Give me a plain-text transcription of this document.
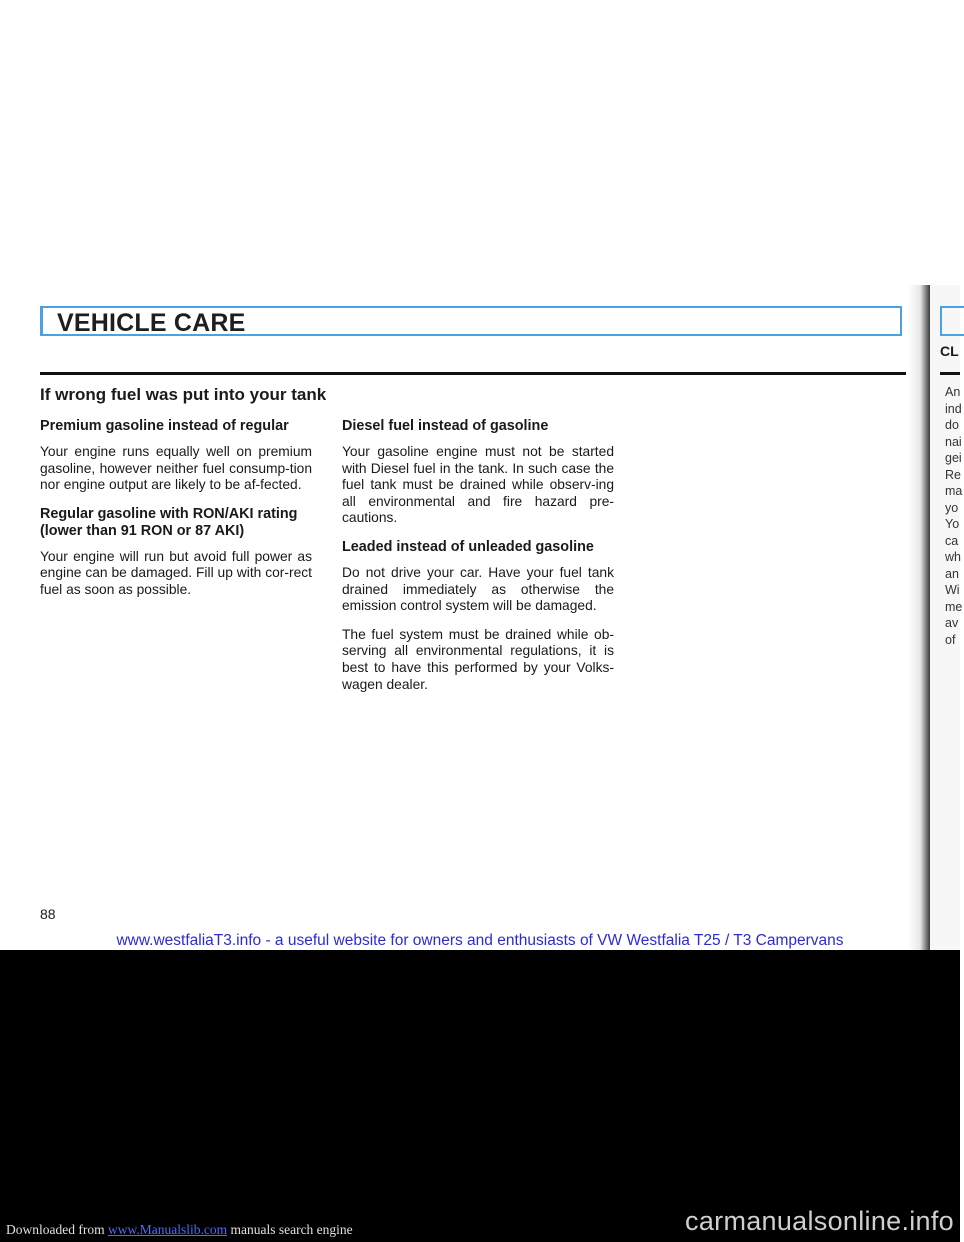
VEHICLE CARE
If wrong fuel was put into your tank
Premium gasoline instead of regular

Your engine runs equally well on premium gasoline, however neither fuel consump-tion nor engine output are likely to be af-fected.

Regular gasoline with RON/AKI rating (lower than 91 RON or 87 AKI)

Your engine will run but avoid full power as engine can be damaged. Fill up with cor-rect fuel as soon as possible.

Diesel fuel instead of gasoline

Your gasoline engine must not be started with Diesel fuel in the tank. In such case the fuel tank must be drained while observ-ing all environmental and fire hazard pre-cautions.

Leaded instead of unleaded gasoline

Do not drive your car. Have your fuel tank drained immediately as otherwise the emission control system will be damaged.

The fuel system must be drained while ob-serving all environmental regulations, it is best to have this performed by your Volks-wagen dealer.

88
CL
An
ind
do
nai
gei
Re
ma
yo
Yo
ca
wh
an
Wi
me
av
of
www.westfaliaT3.info - a useful website for owners and enthusiasts of VW Westfalia T25 / T3 Campervans
Downloaded from www.Manualslib.com manuals search engine	carmanualsonline.info
